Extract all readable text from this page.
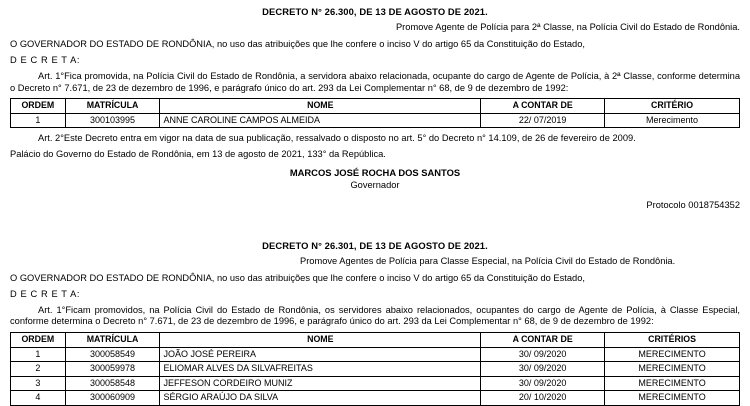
DECRETO N° 26.300, DE 13 DE AGOSTO DE 2021.
Promove Agente de Polícia para 2ª Classe, na Polícia Civil do Estado de Rondônia.
O GOVERNADOR DO ESTADO DE RONDÔNIA, no uso das atribuições que lhe confere o inciso V do artigo 65 da Constituição do Estado,
D E C R E T A:
Art. 1°Fica promovida, na Polícia Civil do Estado de Rondônia, a servidora abaixo relacionada, ocupante do cargo de Agente de Polícia, à 2ª Classe, conforme determina o Decreto n° 7.671, de 23 de dezembro de 1996, e parágrafo único do art. 293 da Lei Complementar n° 68, de 9 de dezembro de 1992:
ORDEM	MATRÍCULA	NOME	A CONTAR DE	CRITÉRIO
1	300103995	ANNE CAROLINE CAMPOS ALMEIDA	22/ 07/2019	Merecimento
Art. 2°Este Decreto entra em vigor na data de sua publicação, ressalvado o disposto no art. 5° do Decreto n° 14.109, de 26 de fevereiro de 2009.
Palácio do Governo do Estado de Rondônia, em 13 de agosto de 2021, 133° da República.
MARCOS JOSÉ ROCHA DOS SANTOS
Governador
Protocolo 0018754352
DECRETO N° 26.301, DE 13 DE AGOSTO DE 2021.
Promove Agentes de Polícia para Classe Especial, na Polícia Civil do Estado de Rondônia.
O GOVERNADOR DO ESTADO DE RONDÔNIA, no uso das atribuições que lhe confere o inciso V do artigo 65 da Constituição do Estado,
D E C R E T A:
Art. 1°Ficam promovidos, na Polícia Civil do Estado de Rondônia, os servidores abaixo relacionados, ocupantes do cargo de Agente de Polícia, à Classe Especial, conforme determina o Decreto n° 7.671, de 23 de dezembro de 1996, e parágrafo único do art. 293 da Lei Complementar n° 68, de 9 de dezembro de 1992:
ORDEM	MATRÍCULA	NOME	A CONTAR DE	CRITÉRIOS
1	300058549	JOÃO JOSÉ PEREIRA	30/ 09/2020	MERECIMENTO
2	300059978	ELIOMAR ALVES DA SILVAFREITAS	30/ 09/2020	MERECIMENTO
3	300058548	JEFFESON CORDEIRO MUNIZ	30/ 09/2020	MERECIMENTO
4	300060909	SÉRGIO ARAÚJO DA SILVA	20/ 10/2020	MERECIMENTO
